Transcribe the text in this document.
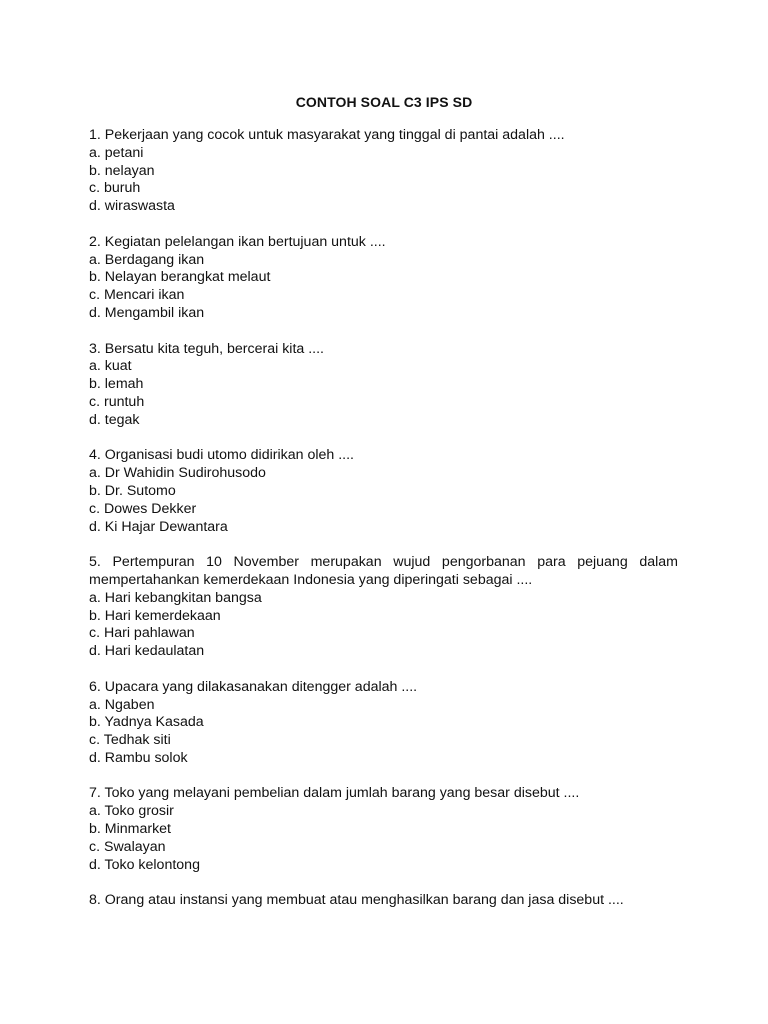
CONTOH SOAL C3 IPS SD
1. Pekerjaan yang cocok untuk masyarakat yang tinggal di pantai adalah ....
a. petani
b. nelayan
c. buruh
d. wiraswasta
2. Kegiatan pelelangan ikan bertujuan untuk ....
a. Berdagang ikan
b. Nelayan berangkat melaut
c. Mencari ikan
d. Mengambil ikan
3. Bersatu kita teguh, bercerai kita ....
a. kuat
b. lemah
c. runtuh
d. tegak
4. Organisasi budi utomo didirikan oleh ....
a. Dr Wahidin Sudirohusodo
b. Dr. Sutomo
c. Dowes Dekker
d. Ki Hajar Dewantara
5. Pertempuran 10 November merupakan wujud pengorbanan para pejuang dalam mempertahankan kemerdekaan Indonesia yang diperingati sebagai ....
a. Hari kebangkitan bangsa
b. Hari kemerdekaan
c. Hari pahlawan
d. Hari kedaulatan
6. Upacara yang dilakasanakan ditengger adalah ....
a. Ngaben
b. Yadnya Kasada
c. Tedhak siti
d. Rambu solok
7. Toko yang melayani pembelian dalam jumlah barang yang besar disebut ....
a. Toko grosir
b. Minmarket
c. Swalayan
d. Toko kelontong
8. Orang atau instansi yang membuat atau menghasilkan barang dan jasa disebut ....
